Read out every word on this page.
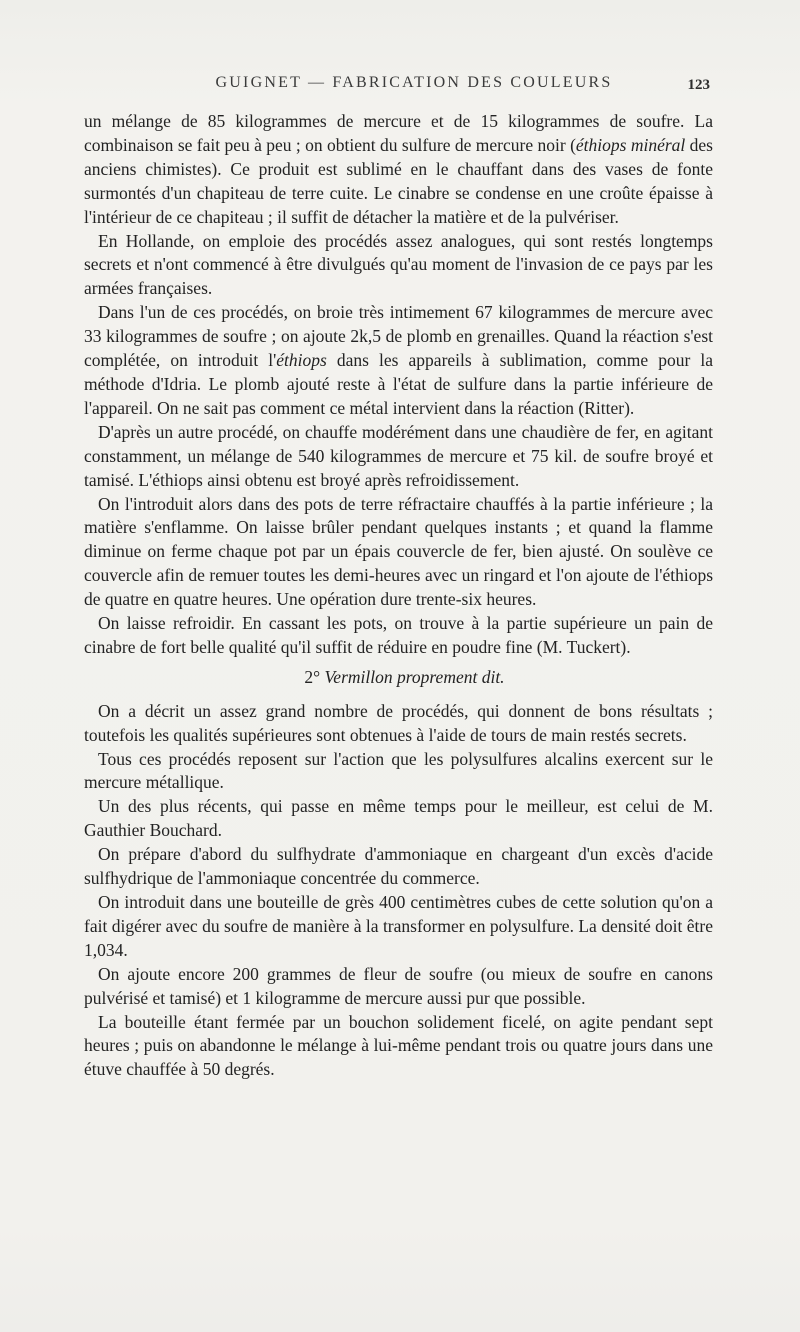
GUIGNET — FABRICATION DES COULEURS	123

un mélange de 85 kilogrammes de mercure et de 15 kilogrammes de soufre. La combinaison se fait peu à peu ; on obtient du sulfure de mercure noir (éthiops minéral des anciens chimistes). Ce produit est sublimé en le chauffant dans des vases de fonte surmontés d'un chapiteau de terre cuite. Le cinabre se condense en une croûte épaisse à l'intérieur de ce chapiteau ; il suffit de détacher la matière et de la pulvériser.

En Hollande, on emploie des procédés assez analogues, qui sont restés longtemps secrets et n'ont commencé à être divulgués qu'au moment de l'invasion de ce pays par les armées françaises.

Dans l'un de ces procédés, on broie très intimement 67 kilogrammes de mercure avec 33 kilogrammes de soufre ; on ajoute 2k,5 de plomb en grenailles. Quand la réaction s'est complétée, on introduit l'éthiops dans les appareils à sublimation, comme pour la méthode d'Idria. Le plomb ajouté reste à l'état de sulfure dans la partie inférieure de l'appareil. On ne sait pas comment ce métal intervient dans la réaction (Ritter).

D'après un autre procédé, on chauffe modérément dans une chaudière de fer, en agitant constamment, un mélange de 540 kilogrammes de mercure et 75 kil. de soufre broyé et tamisé. L'éthiops ainsi obtenu est broyé après refroidissement.

On l'introduit alors dans des pots de terre réfractaire chauffés à la partie inférieure ; la matière s'enflamme. On laisse brûler pendant quelques instants ; et quand la flamme diminue on ferme chaque pot par un épais couvercle de fer, bien ajusté. On soulève ce couvercle afin de remuer toutes les demi-heures avec un ringard et l'on ajoute de l'éthiops de quatre en quatre heures. Une opération dure trente-six heures.

On laisse refroidir. En cassant les pots, on trouve à la partie supérieure un pain de cinabre de fort belle qualité qu'il suffit de réduire en poudre fine (M. Tuckert).

2° Vermillon proprement dit.

On a décrit un assez grand nombre de procédés, qui donnent de bons résultats ; toutefois les qualités supérieures sont obtenues à l'aide de tours de main restés secrets.

Tous ces procédés reposent sur l'action que les polysulfures alcalins exercent sur le mercure métallique.

Un des plus récents, qui passe en même temps pour le meilleur, est celui de M. Gauthier Bouchard.

On prépare d'abord du sulfhydrate d'ammoniaque en chargeant d'un excès d'acide sulfhydrique de l'ammoniaque concentrée du commerce.

On introduit dans une bouteille de grès 400 centimètres cubes de cette solution qu'on a fait digérer avec du soufre de manière à la transformer en polysulfure. La densité doit être 1,034.

On ajoute encore 200 grammes de fleur de soufre (ou mieux de soufre en canons pulvérisé et tamisé) et 1 kilogramme de mercure aussi pur que possible.

La bouteille étant fermée par un bouchon solidement ficelé, on agite pendant sept heures ; puis on abandonne le mélange à lui-même pendant trois ou quatre jours dans une étuve chauffée à 50 degrés.
